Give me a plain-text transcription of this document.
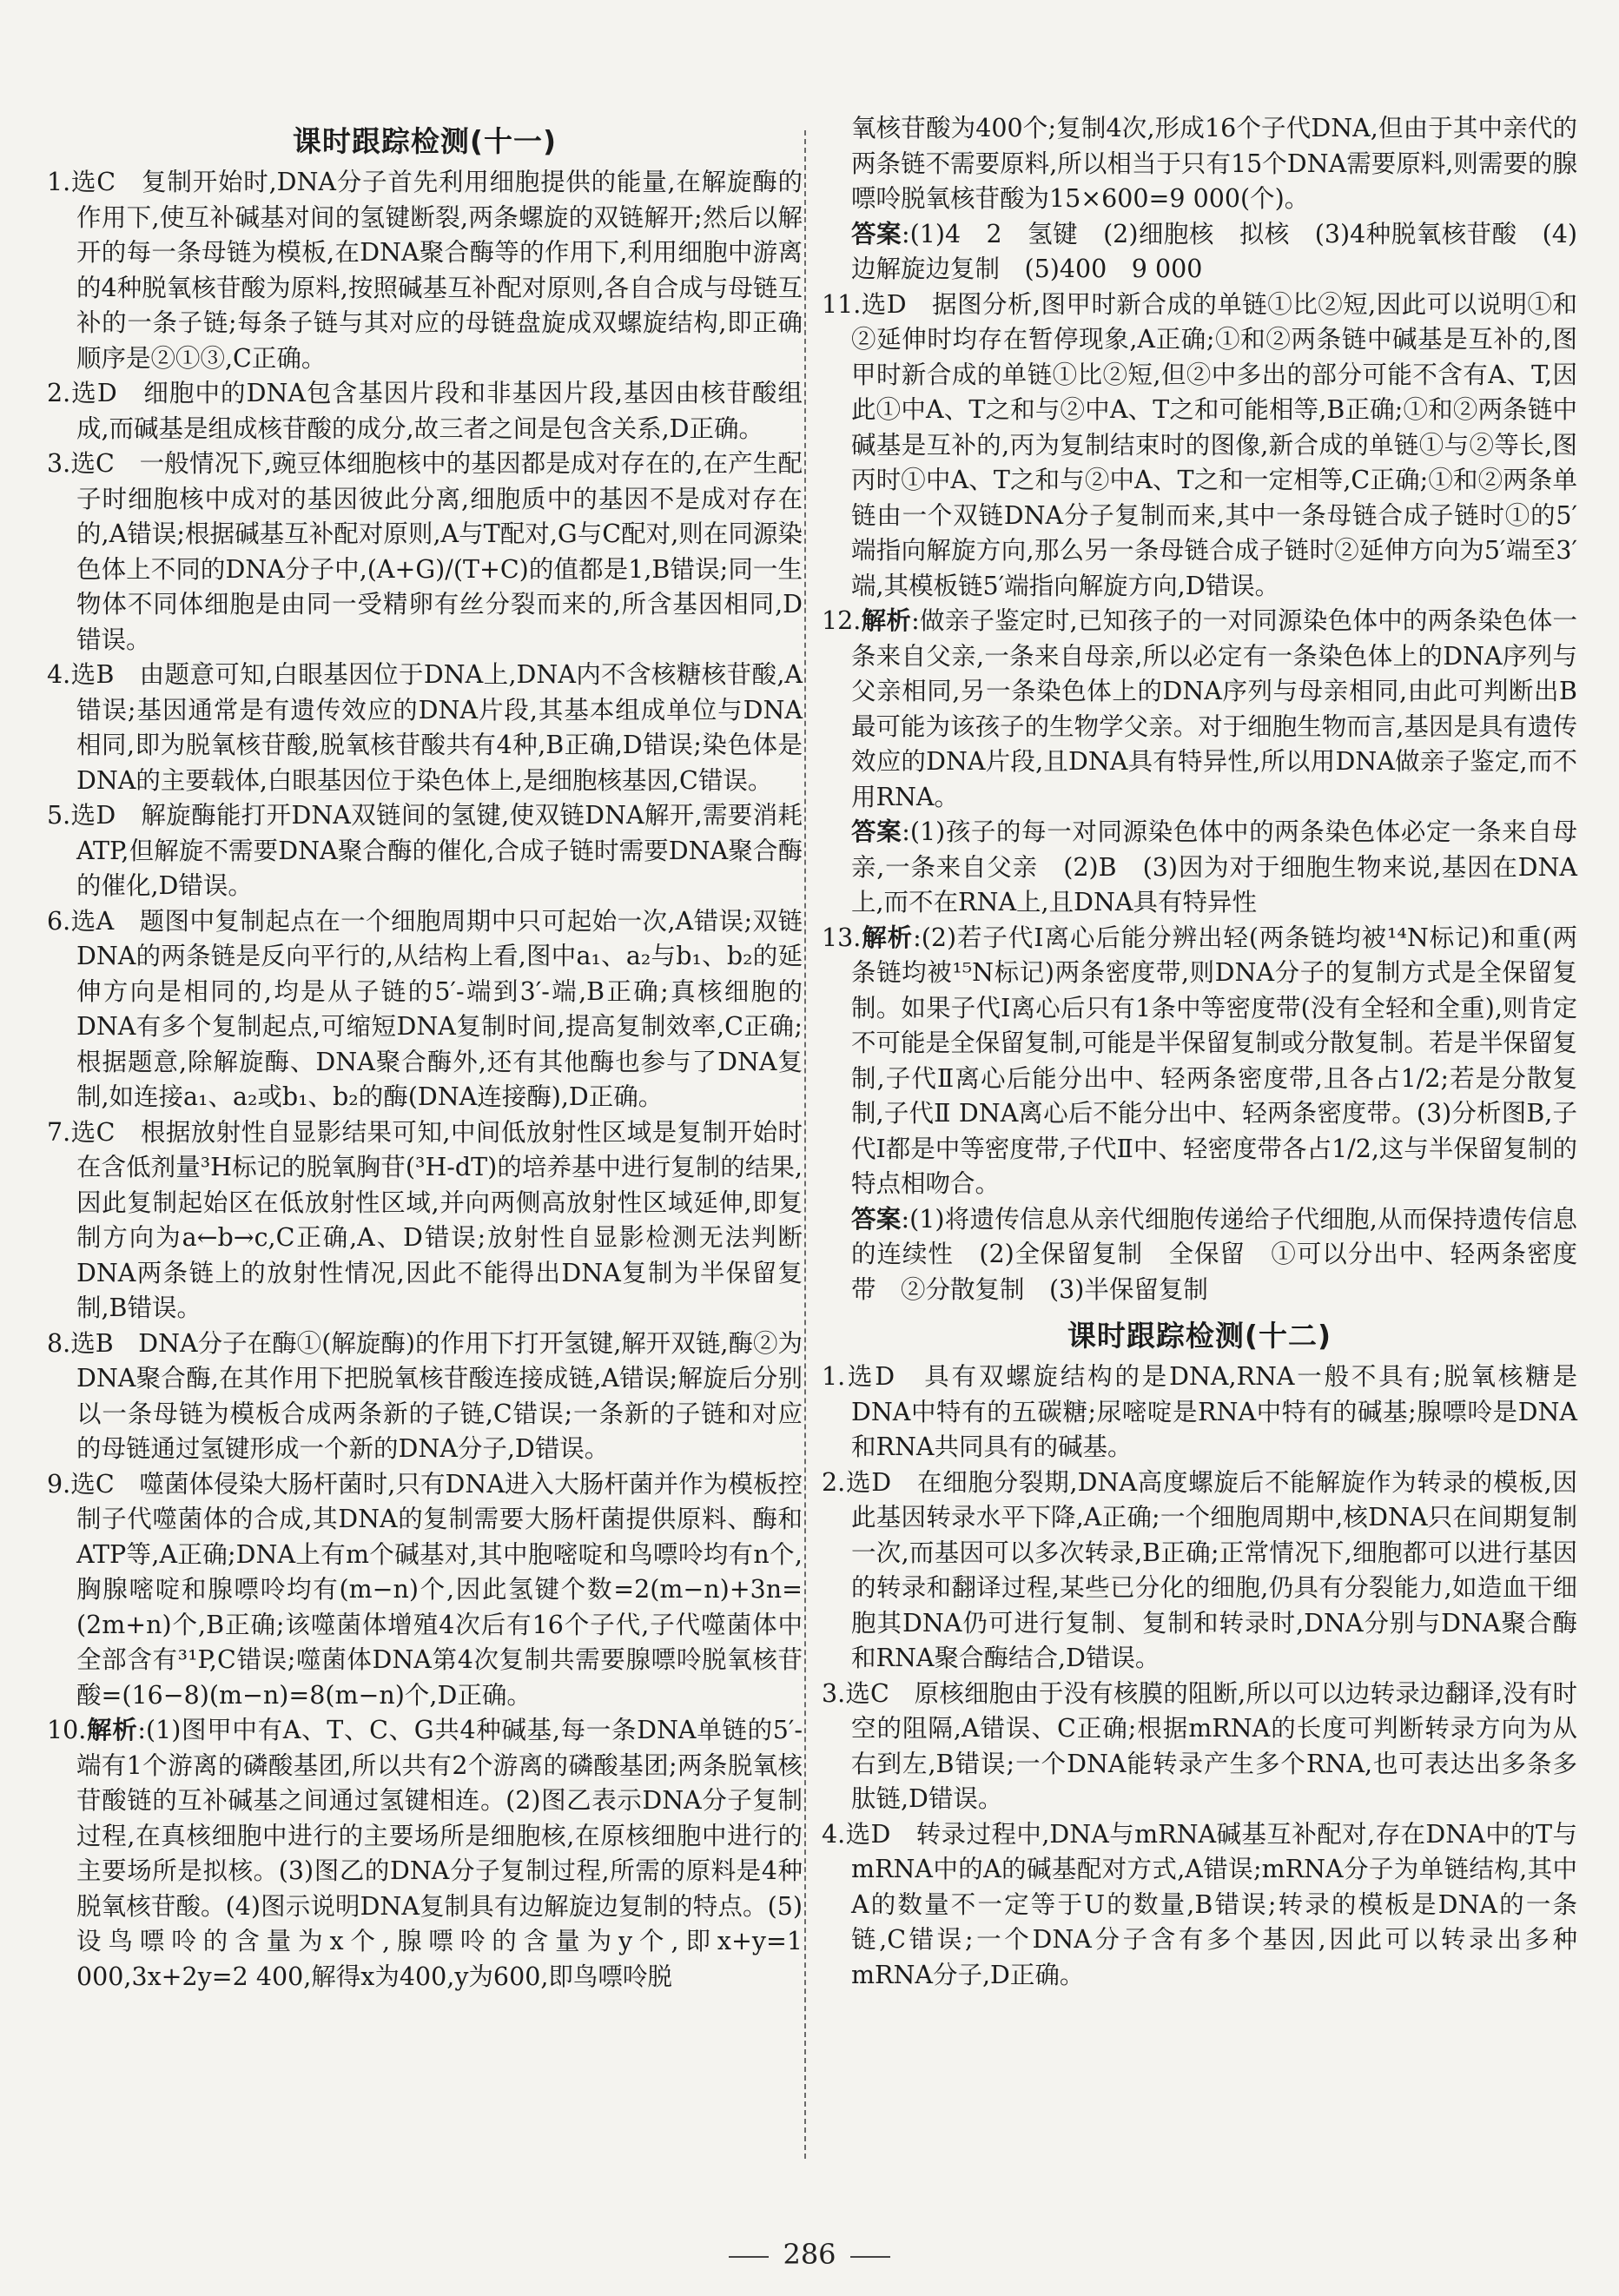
课时跟踪检测(十一)

1.选C　复制开始时,DNA分子首先利用细胞提供的能量,在解旋酶的作用下,使互补碱基对间的氢键断裂,两条螺旋的双链解开;然后以解开的每一条母链为模板,在DNA聚合酶等的作用下,利用细胞中游离的4种脱氧核苷酸为原料,按照碱基互补配对原则,各自合成与母链互补的一条子链;每条子链与其对应的母链盘旋成双螺旋结构,即正确顺序是②①③,C正确。

2.选D　细胞中的DNA包含基因片段和非基因片段,基因由核苷酸组成,而碱基是组成核苷酸的成分,故三者之间是包含关系,D正确。

3.选C　一般情况下,豌豆体细胞核中的基因都是成对存在的,在产生配子时细胞核中成对的基因彼此分离,细胞质中的基因不是成对存在的,A错误;根据碱基互补配对原则,A与T配对,G与C配对,则在同源染色体上不同的DNA分子中,(A+G)/(T+C)的值都是1,B错误;同一生物体不同体细胞是由同一受精卵有丝分裂而来的,所含基因相同,D错误。

4.选B　由题意可知,白眼基因位于DNA上,DNA内不含核糖核苷酸,A错误;基因通常是有遗传效应的DNA片段,其基本组成单位与DNA相同,即为脱氧核苷酸,脱氧核苷酸共有4种,B正确,D错误;染色体是DNA的主要载体,白眼基因位于染色体上,是细胞核基因,C错误。

5.选D　解旋酶能打开DNA双链间的氢键,使双链DNA解开,需要消耗ATP,但解旋不需要DNA聚合酶的催化,合成子链时需要DNA聚合酶的催化,D错误。

6.选A　题图中复制起点在一个细胞周期中只可起始一次,A错误;双链DNA的两条链是反向平行的,从结构上看,图中a₁、a₂与b₁、b₂的延伸方向是相同的,均是从子链的5′-端到3′-端,B正确;真核细胞的DNA有多个复制起点,可缩短DNA复制时间,提高复制效率,C正确;根据题意,除解旋酶、DNA聚合酶外,还有其他酶也参与了DNA复制,如连接a₁、a₂或b₁、b₂的酶(DNA连接酶),D正确。

7.选C　根据放射性自显影结果可知,中间低放射性区域是复制开始时在含低剂量³H标记的脱氧胸苷(³H-dT)的培养基中进行复制的结果,因此复制起始区在低放射性区域,并向两侧高放射性区域延伸,即复制方向为a←b→c,C正确,A、D错误;放射性自显影检测无法判断DNA两条链上的放射性情况,因此不能得出DNA复制为半保留复制,B错误。

8.选B　DNA分子在酶①(解旋酶)的作用下打开氢键,解开双链,酶②为DNA聚合酶,在其作用下把脱氧核苷酸连接成链,A错误;解旋后分别以一条母链为模板合成两条新的子链,C错误;一条新的子链和对应的母链通过氢键形成一个新的DNA分子,D错误。

9.选C　噬菌体侵染大肠杆菌时,只有DNA进入大肠杆菌并作为模板控制子代噬菌体的合成,其DNA的复制需要大肠杆菌提供原料、酶和ATP等,A正确;DNA上有m个碱基对,其中胞嘧啶和鸟嘌呤均有n个,胸腺嘧啶和腺嘌呤均有(m−n)个,因此氢键个数=2(m−n)+3n=(2m+n)个,B正确;该噬菌体增殖4次后有16个子代,子代噬菌体中全部含有³¹P,C错误;噬菌体DNA第4次复制共需要腺嘌呤脱氧核苷酸=(16−8)(m−n)=8(m−n)个,D正确。

10.解析:(1)图甲中有A、T、C、G共4种碱基,每一条DNA单链的5′-端有1个游离的磷酸基团,所以共有2个游离的磷酸基团;两条脱氧核苷酸链的互补碱基之间通过氢键相连。(2)图乙表示DNA分子复制过程,在真核细胞中进行的主要场所是细胞核,在原核细胞中进行的主要场所是拟核。(3)图乙的DNA分子复制过程,所需的原料是4种脱氧核苷酸。(4)图示说明DNA复制具有边解旋边复制的特点。(5)设鸟嘌呤的含量为x个,腺嘌呤的含量为y个,即x+y=1 000,3x+2y=2 400,解得x为400,y为600,即鸟嘌呤脱

氧核苷酸为400个;复制4次,形成16个子代DNA,但由于其中亲代的两条链不需要原料,所以相当于只有15个DNA需要原料,则需要的腺嘌呤脱氧核苷酸为15×600=9 000(个)。

答案:(1)4　2　氢键　(2)细胞核　拟核　(3)4种脱氧核苷酸　(4)边解旋边复制　(5)400　9 000

11.选D　据图分析,图甲时新合成的单链①比②短,因此可以说明①和②延伸时均存在暂停现象,A正确;①和②两条链中碱基是互补的,图甲时新合成的单链①比②短,但②中多出的部分可能不含有A、T,因此①中A、T之和与②中A、T之和可能相等,B正确;①和②两条链中碱基是互补的,丙为复制结束时的图像,新合成的单链①与②等长,图丙时①中A、T之和与②中A、T之和一定相等,C正确;①和②两条单链由一个双链DNA分子复制而来,其中一条母链合成子链时①的5′端指向解旋方向,那么另一条母链合成子链时②延伸方向为5′端至3′端,其模板链5′端指向解旋方向,D错误。

12.解析:做亲子鉴定时,已知孩子的一对同源染色体中的两条染色体一条来自父亲,一条来自母亲,所以必定有一条染色体上的DNA序列与父亲相同,另一条染色体上的DNA序列与母亲相同,由此可判断出B最可能为该孩子的生物学父亲。对于细胞生物而言,基因是具有遗传效应的DNA片段,且DNA具有特异性,所以用DNA做亲子鉴定,而不用RNA。

答案:(1)孩子的每一对同源染色体中的两条染色体必定一条来自母亲,一条来自父亲　(2)B　(3)因为对于细胞生物来说,基因在DNA上,而不在RNA上,且DNA具有特异性

13.解析:(2)若子代Ⅰ离心后能分辨出轻(两条链均被¹⁴N标记)和重(两条链均被¹⁵N标记)两条密度带,则DNA分子的复制方式是全保留复制。如果子代Ⅰ离心后只有1条中等密度带(没有全轻和全重),则肯定不可能是全保留复制,可能是半保留复制或分散复制。若是半保留复制,子代Ⅱ离心后能分出中、轻两条密度带,且各占1/2;若是分散复制,子代Ⅱ DNA离心后不能分出中、轻两条密度带。(3)分析图B,子代Ⅰ都是中等密度带,子代Ⅱ中、轻密度带各占1/2,这与半保留复制的特点相吻合。

答案:(1)将遗传信息从亲代细胞传递给子代细胞,从而保持遗传信息的连续性　(2)全保留复制　全保留　①可以分出中、轻两条密度带　②分散复制　(3)半保留复制

课时跟踪检测(十二)

1.选D　具有双螺旋结构的是DNA,RNA一般不具有;脱氧核糖是DNA中特有的五碳糖;尿嘧啶是RNA中特有的碱基;腺嘌呤是DNA和RNA共同具有的碱基。

2.选D　在细胞分裂期,DNA高度螺旋后不能解旋作为转录的模板,因此基因转录水平下降,A正确;一个细胞周期中,核DNA只在间期复制一次,而基因可以多次转录,B正确;正常情况下,细胞都可以进行基因的转录和翻译过程,某些已分化的细胞,仍具有分裂能力,如造血干细胞其DNA仍可进行复制、复制和转录时,DNA分别与DNA聚合酶和RNA聚合酶结合,D错误。

3.选C　原核细胞由于没有核膜的阻断,所以可以边转录边翻译,没有时空的阻隔,A错误、C正确;根据mRNA的长度可判断转录方向为从右到左,B错误;一个DNA能转录产生多个RNA,也可表达出多条多肽链,D错误。

4.选D　转录过程中,DNA与mRNA碱基互补配对,存在DNA中的T与mRNA中的A的碱基配对方式,A错误;mRNA分子为单链结构,其中A的数量不一定等于U的数量,B错误;转录的模板是DNA的一条链,C错误;一个DNA分子含有多个基因,因此可以转录出多种mRNA分子,D正确。

286
